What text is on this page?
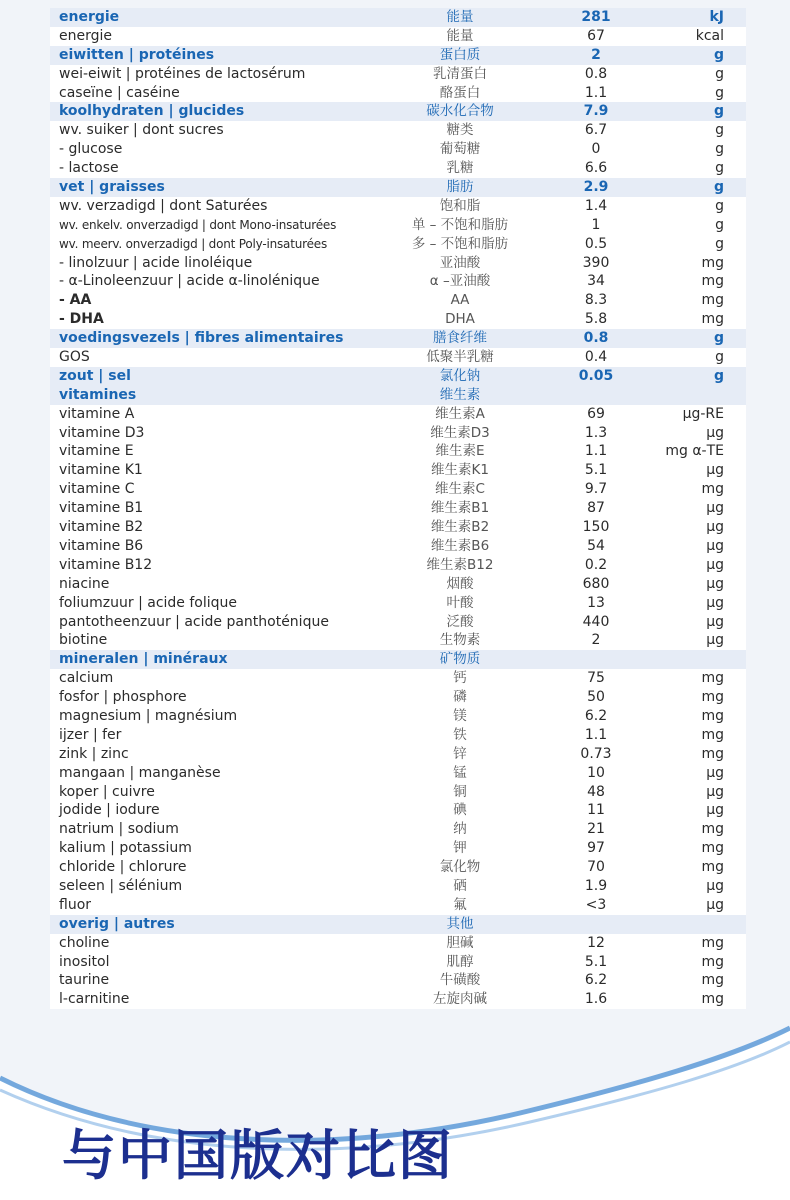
energie	能量	281	kJ
energie	能量	67	kcal
eiwitten | protéines	蛋白质	2	g
wei-eiwit | protéines de lactosérum	乳清蛋白	0.8	g
caseïne | caséine	酪蛋白	1.1	g
koolhydraten | glucides	碳水化合物	7.9	g
wv. suiker | dont sucres	糖类	6.7	g
- glucose	葡萄糖	0	g
- lactose	乳糖	6.6	g
vet | graisses	脂肪	2.9	g
wv. verzadigd | dont Saturées	饱和脂	1.4	g
wv. enkelv. onverzadigd | dont Mono-insaturées	单 – 不饱和脂肪	1	g
wv. meerv. onverzadigd | dont Poly-insaturées	多 – 不饱和脂肪	0.5	g
- linolzuur | acide linoléique	亚油酸	390	mg
- α-Linoleenzuur | acide α-linolénique	α –亚油酸	34	mg
- AA	AA	8.3	mg
- DHA	DHA	5.8	mg
voedingsvezels | fibres alimentaires	膳食纤维	0.8	g
GOS	低聚半乳糖	0.4	g
zout | sel	氯化钠	0.05	g
vitamines	维生素
vitamine A	维生素A	69	µg-RE
vitamine D3	维生素D3	1.3	µg
vitamine E	维生素E	1.1	mg α-TE
vitamine K1	维生素K1	5.1	µg
vitamine C	维生素C	9.7	mg
vitamine B1	维生素B1	87	µg
vitamine B2	维生素B2	150	µg
vitamine B6	维生素B6	54	µg
vitamine B12	维生素B12	0.2	µg
niacine	烟酸	680	µg
foliumzuur | acide folique	叶酸	13	µg
pantotheenzuur | acide panthoténique	泛酸	440	µg
biotine	生物素	2	µg
mineralen | minéraux	矿物质
calcium	钙	75	mg
fosfor | phosphore	磷	50	mg
magnesium | magnésium	镁	6.2	mg
ijzer | fer	铁	1.1	mg
zink | zinc	锌	0.73	mg
mangaan | manganèse	锰	10	µg
koper | cuivre	铜	48	µg
jodide | iodure	碘	11	µg
natrium | sodium	纳	21	mg
kalium | potassium	钾	97	mg
chloride | chlorure	氯化物	70	mg
seleen | sélénium	硒	1.9	µg
fluor	氟	<3	µg
overig | autres	其他
choline	胆碱	12	mg
inositol	肌醇	5.1	mg
taurine	牛磺酸	6.2	mg
l-carnitine	左旋肉碱	1.6	mg
与中国版对比图
